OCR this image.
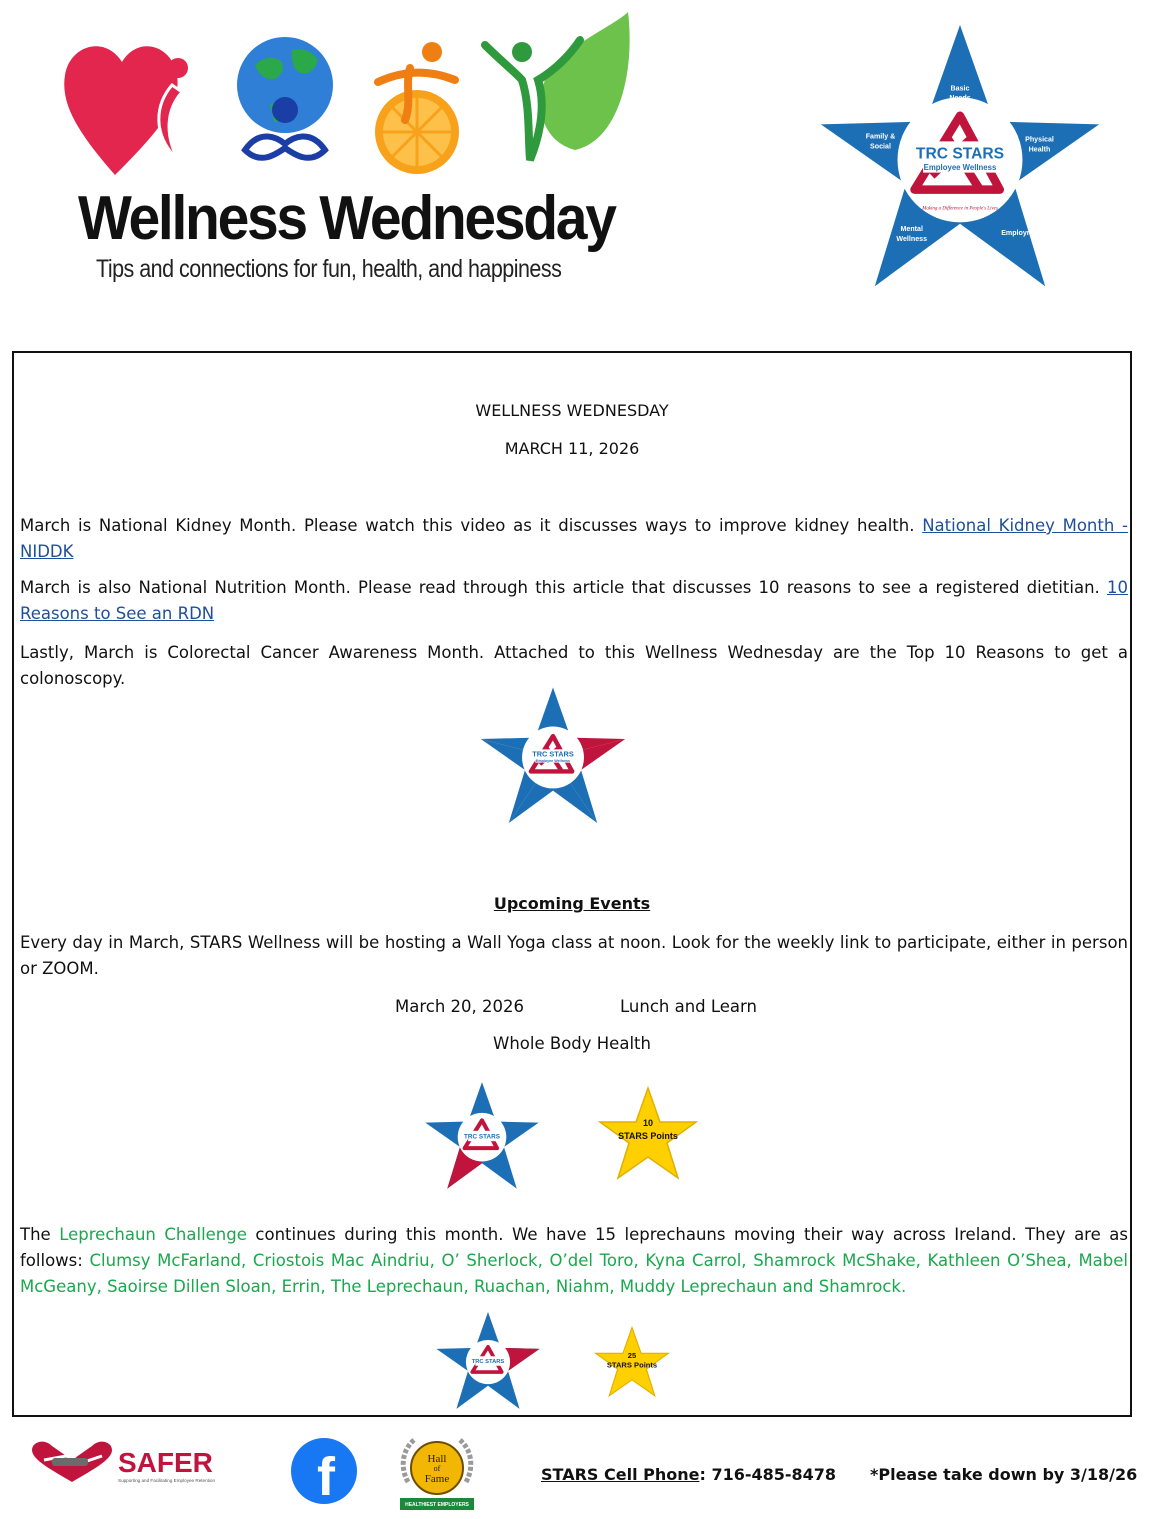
Wellness Wednesday

Tips and connections for fun, health, and happiness

TRC STARS
Employee Wellness
Making a Difference in People's Lives
Basic
Needs
Physical
Health
Employment
Mental
Wellness
Family &
Social

WELLNESS WEDNESDAY

MARCH 11, 2026

March is National Kidney Month. Please watch this video as it discusses ways to improve kidney health. National Kidney Month - NIDDK

March is also National Nutrition Month. Please read through this article that discusses 10 reasons to see a registered dietitian. 10 Reasons to See an RDN

Lastly, March is Colorectal Cancer Awareness Month. Attached to this Wellness Wednesday are the Top 10 Reasons to get a colonoscopy.

TRC STARS
Employee Wellness

Upcoming Events

Every day in March, STARS Wellness will be hosting a Wall Yoga class at noon. Look for the weekly link to participate, either in person or ZOOM.

March 20, 2026	Lunch and Learn

Whole Body Health

TRC STARS
10
STARS Points

The Leprechaun Challenge continues during this month. We have 15 leprechauns moving their way across Ireland. They are as follows: Clumsy McFarland, Criostois Mac Aindriu, O’ Sherlock, O’del Toro, Kyna Carrol, Shamrock McShake, Kathleen O’Shea, Mabel McGeany, Saoirse Dillen Sloan, Errin, The Leprechaun, Ruachan, Niahm, Muddy Leprechaun and Shamrock.

TRC STARS
25
STARS Points
SAFER
Supporting and Facilitating Employee Retention f	Hall
of
Fame
HEALTHIEST EMPLOYERS

STARS Cell Phone: 716-485-8478 *Please take down by 3/18/26
